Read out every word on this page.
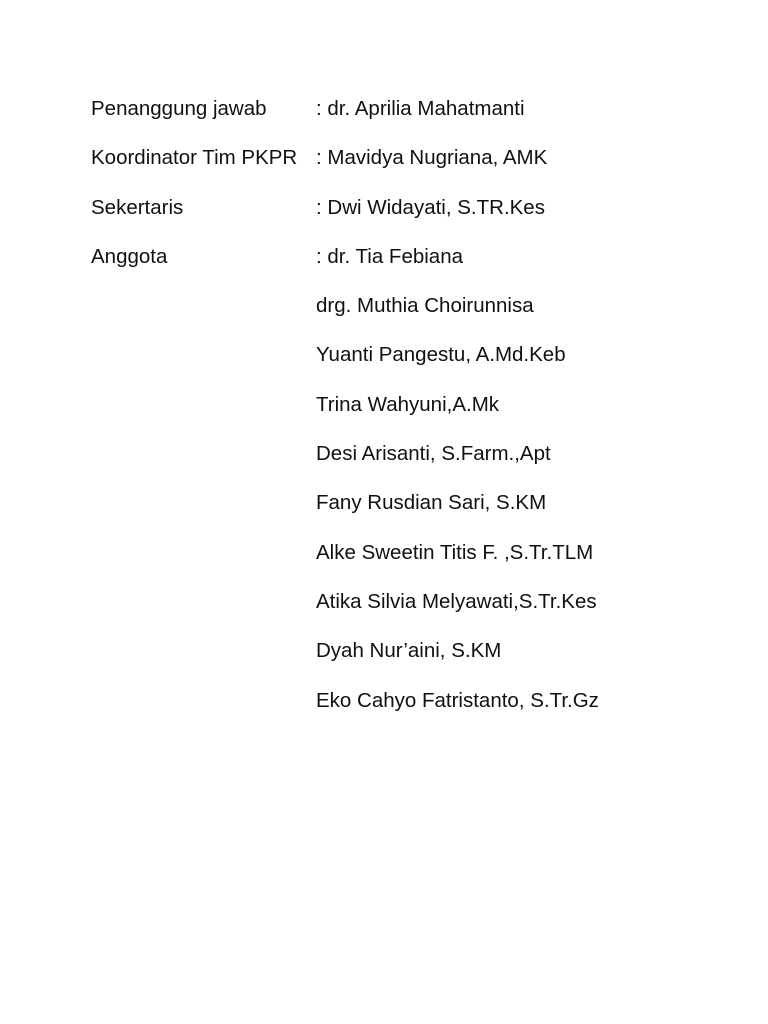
Penanggung jawab	: dr. Aprilia Mahatmanti
Koordinator Tim PKPR : Mavidya Nugriana, AMK
Sekertaris	: Dwi Widayati, S.TR.Kes
Anggota	: dr. Tia Febiana
drg. Muthia Choirunnisa
Yuanti Pangestu, A.Md.Keb
Trina Wahyuni,A.Mk
Desi Arisanti, S.Farm.,Apt
Fany Rusdian Sari, S.KM
Alke Sweetin Titis F. ,S.Tr.TLM
Atika Silvia Melyawati,S.Tr.Kes
Dyah Nur’aini, S.KM
Eko Cahyo Fatristanto, S.Tr.Gz
